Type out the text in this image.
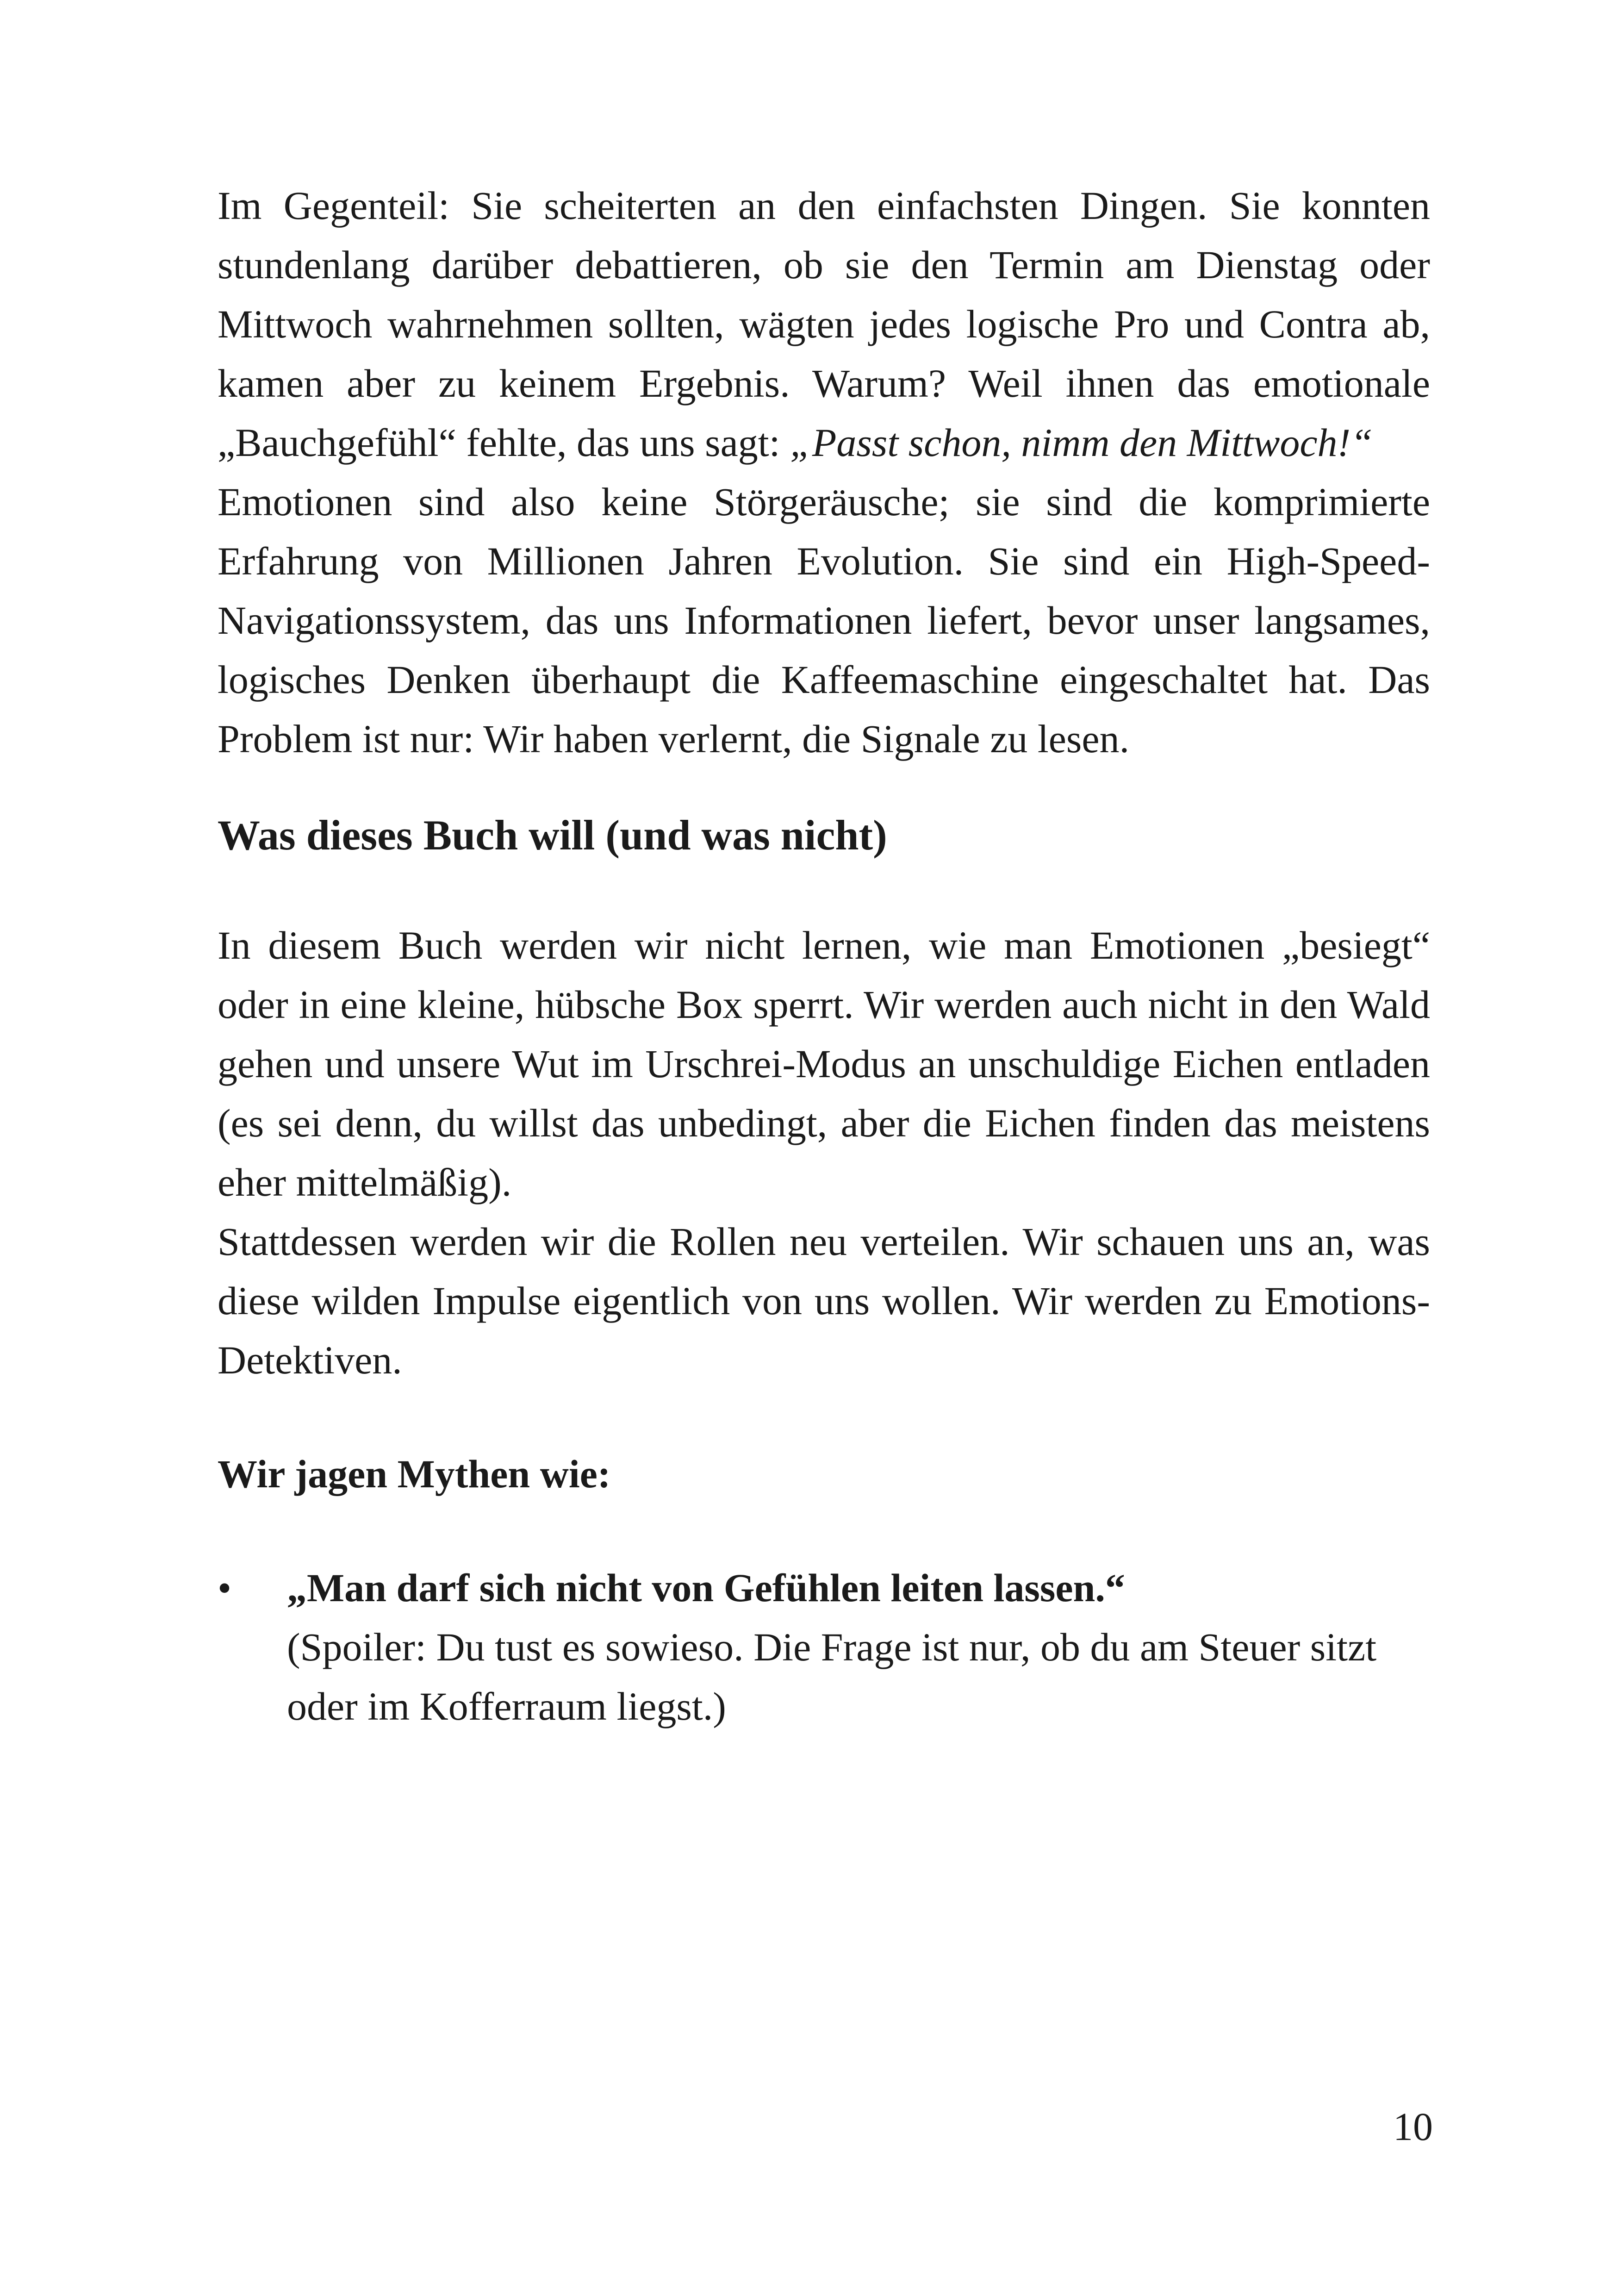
Im Gegenteil: Sie scheiterten an den einfachsten Dingen. Sie konnten stundenlang darüber debattieren, ob sie den Termin am Dienstag oder Mittwoch wahrnehmen sollten, wägten jedes logische Pro und Contra ab, kamen aber zu keinem Ergebnis. Warum? Weil ihnen das emotionale „Bauchgefühl“ fehlte, das uns sagt: „Passt schon, nimm den Mittwoch!“

Emotionen sind also keine Störgeräusche; sie sind die komprimierte Erfahrung von Millionen Jahren Evolution. Sie sind ein High-Speed-Navigationssystem, das uns Informationen liefert, bevor unser langsames, logisches Denken überhaupt die Kaffeemaschine eingeschaltet hat. Das Problem ist nur: Wir haben verlernt, die Signale zu lesen.

Was dieses Buch will (und was nicht)

In diesem Buch werden wir nicht lernen, wie man Emotionen „besiegt“ oder in eine kleine, hübsche Box sperrt. Wir werden auch nicht in den Wald gehen und unsere Wut im Urschrei-Modus an unschuldige Eichen entladen (es sei denn, du willst das unbedingt, aber die Eichen finden das meistens eher mittelmäßig).

Stattdessen werden wir die Rollen neu verteilen. Wir schauen uns an, was diese wilden Impulse eigentlich von uns wollen. Wir werden zu Emotions-Detektiven.

Wir jagen Mythen wie:

• „Man darf sich nicht von Gefühlen leiten lassen.“

(Spoiler: Du tust es sowieso. Die Frage ist nur, ob du am Steuer sitzt oder im Kofferraum liegst.)

10
